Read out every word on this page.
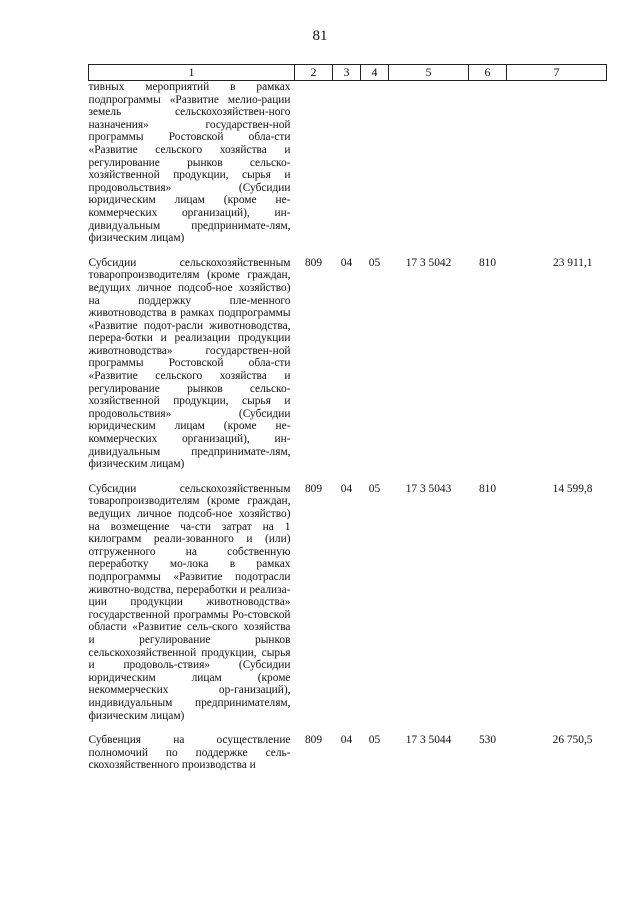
81
1	2	3	4	5	6	7
тивных мероприятий в рамках подпрограммы «Развитие мелио-рации земель сельскохозяйствен-ного назначения» государствен-ной программы Ростовской обла-сти «Развитие сельского хозяйства и регулирование рынков сельско-хозяйственной продукции, сырья и продовольствия» (Субсидии юридическим лицам (кроме не-коммерческих организаций), ин-дивидуальным предпринимате-лям, физическим лицам)						

Субсидии сельскохозяйственным товаропроизводителям (кроме граждан, ведущих личное подсоб-ное хозяйство) на поддержку пле-менного животноводства в рамках подпрограммы «Развитие подот-расли животноводства, перера-ботки и реализации продукции животноводства» государствен-ной программы Ростовской обла-сти «Развитие сельского хозяйства и регулирование рынков сельско-хозяйственной продукции, сырья и продовольствия» (Субсидии юридическим лицам (кроме не-коммерческих организаций), ин-дивидуальным предпринимате-лям, физическим лицам)	809	04	05	17 3 5042	810	23 911,1

Субсидии сельскохозяйственным товаропроизводителям (кроме граждан, ведущих личное подсоб-ное хозяйство) на возмещение ча-сти затрат на 1 килограмм реали-зованного и (или) отгруженного на собственную переработку мо-лока в рамках подпрограммы «Развитие подотрасли животно-водства, переработки и реализа-ции продукции животноводства» государственной программы Ро-стовской области «Развитие сель-ского хозяйства и регулирование рынков сельскохозяйственной продукции, сырья и продоволь-ствия» (Субсидии юридическим лицам (кроме некоммерческих ор-ганизаций), индивидуальным предпринимателям, физическим лицам)	809	04	05	17 3 5043	810	14 599,8

Субвенция на осуществление полномочий по поддержке сель-скохозяйственного производства и	809	04	05	17 3 5044	530	26 750,5
